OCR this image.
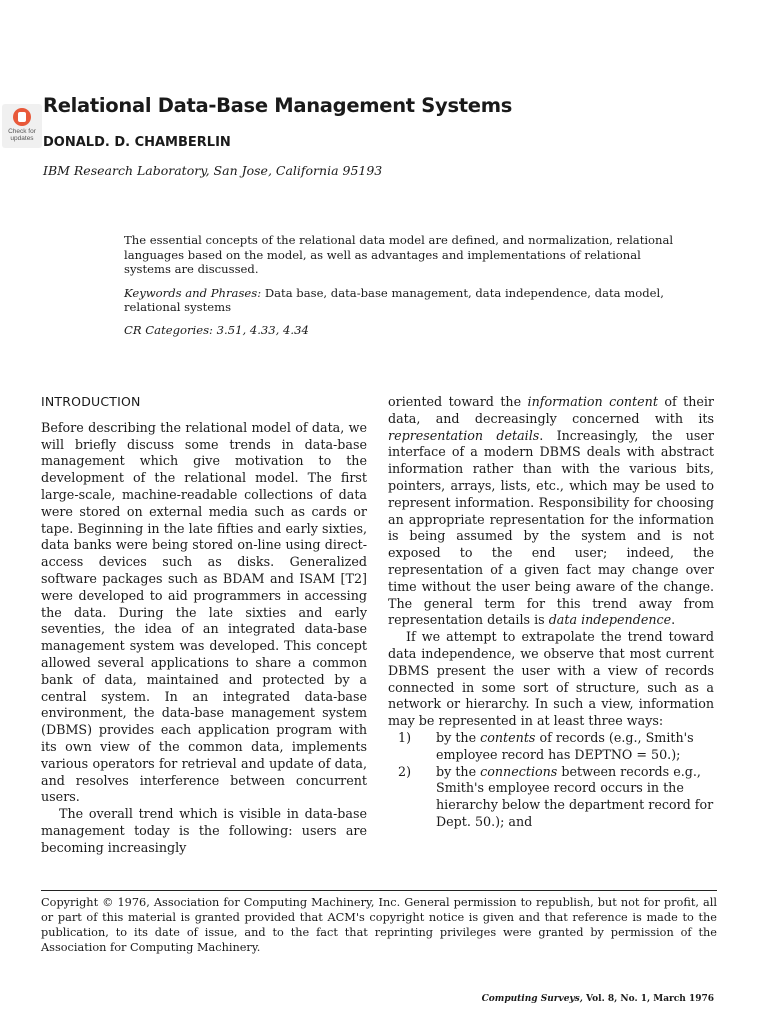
Check for
updates
Relational Data-Base Management Systems
DONALD. D. CHAMBERLIN
IBM Research Laboratory, San Jose, California 95193

The essential concepts of the relational data model are defined, and normalization, relational languages based on the model, as well as advantages and implementations of relational systems are discussed.

Keywords and Phrases: Data base, data-base management, data independence, data model, relational systems

CR Categories: 3.51, 4.33, 4.34

INTRODUCTION

Before describing the relational model of data, we will briefly discuss some trends in data-base management which give motivation to the development of the relational model. The first large-scale, machine-readable collections of data were stored on external media such as cards or tape. Beginning in the late fifties and early sixties, data banks were being stored on-line using direct-access devices such as disks. Generalized software packages such as BDAM and ISAM [T2] were developed to aid programmers in accessing the data. During the late sixties and early seventies, the idea of an integrated data-base management system was developed. This concept allowed several applications to share a common bank of data, maintained and protected by a central system. In an integrated data-base environment, the data-base management system (DBMS) provides each application program with its own view of the common data, implements various operators for retrieval and update of data, and resolves interference between concurrent users.

The overall trend which is visible in data-base management today is the following: users are becoming increasingly

oriented toward the information content of their data, and decreasingly concerned with its representation details. Increasingly, the user interface of a modern DBMS deals with abstract information rather than with the various bits, pointers, arrays, lists, etc., which may be used to represent information. Responsibility for choosing an appropriate representation for the information is being assumed by the system and is not exposed to the end user; indeed, the representation of a given fact may change over time without the user being aware of the change. The general term for this trend away from representation details is data independence.

If we attempt to extrapolate the trend toward data independence, we observe that most current DBMS present the user with a view of records connected in some sort of structure, such as a network or hierarchy. In such a view, information may be represented in at least three ways:

1)	by the contents of records (e.g., Smith's employee record has DEPTNO = 50.);
2)	by the connections between records e.g., Smith's employee record occurs in the hierarchy below the department record for Dept. 50.); and
Copyright © 1976, Association for Computing Machinery, Inc. General permission to republish, but not for profit, all or part of this material is granted provided that ACM's copyright notice is given and that reference is made to the publication, to its date of issue, and to the fact that reprinting privileges were granted by permission of the Association for Computing Machinery.
Computing Surveys, Vol. 8, No. 1, March 1976
